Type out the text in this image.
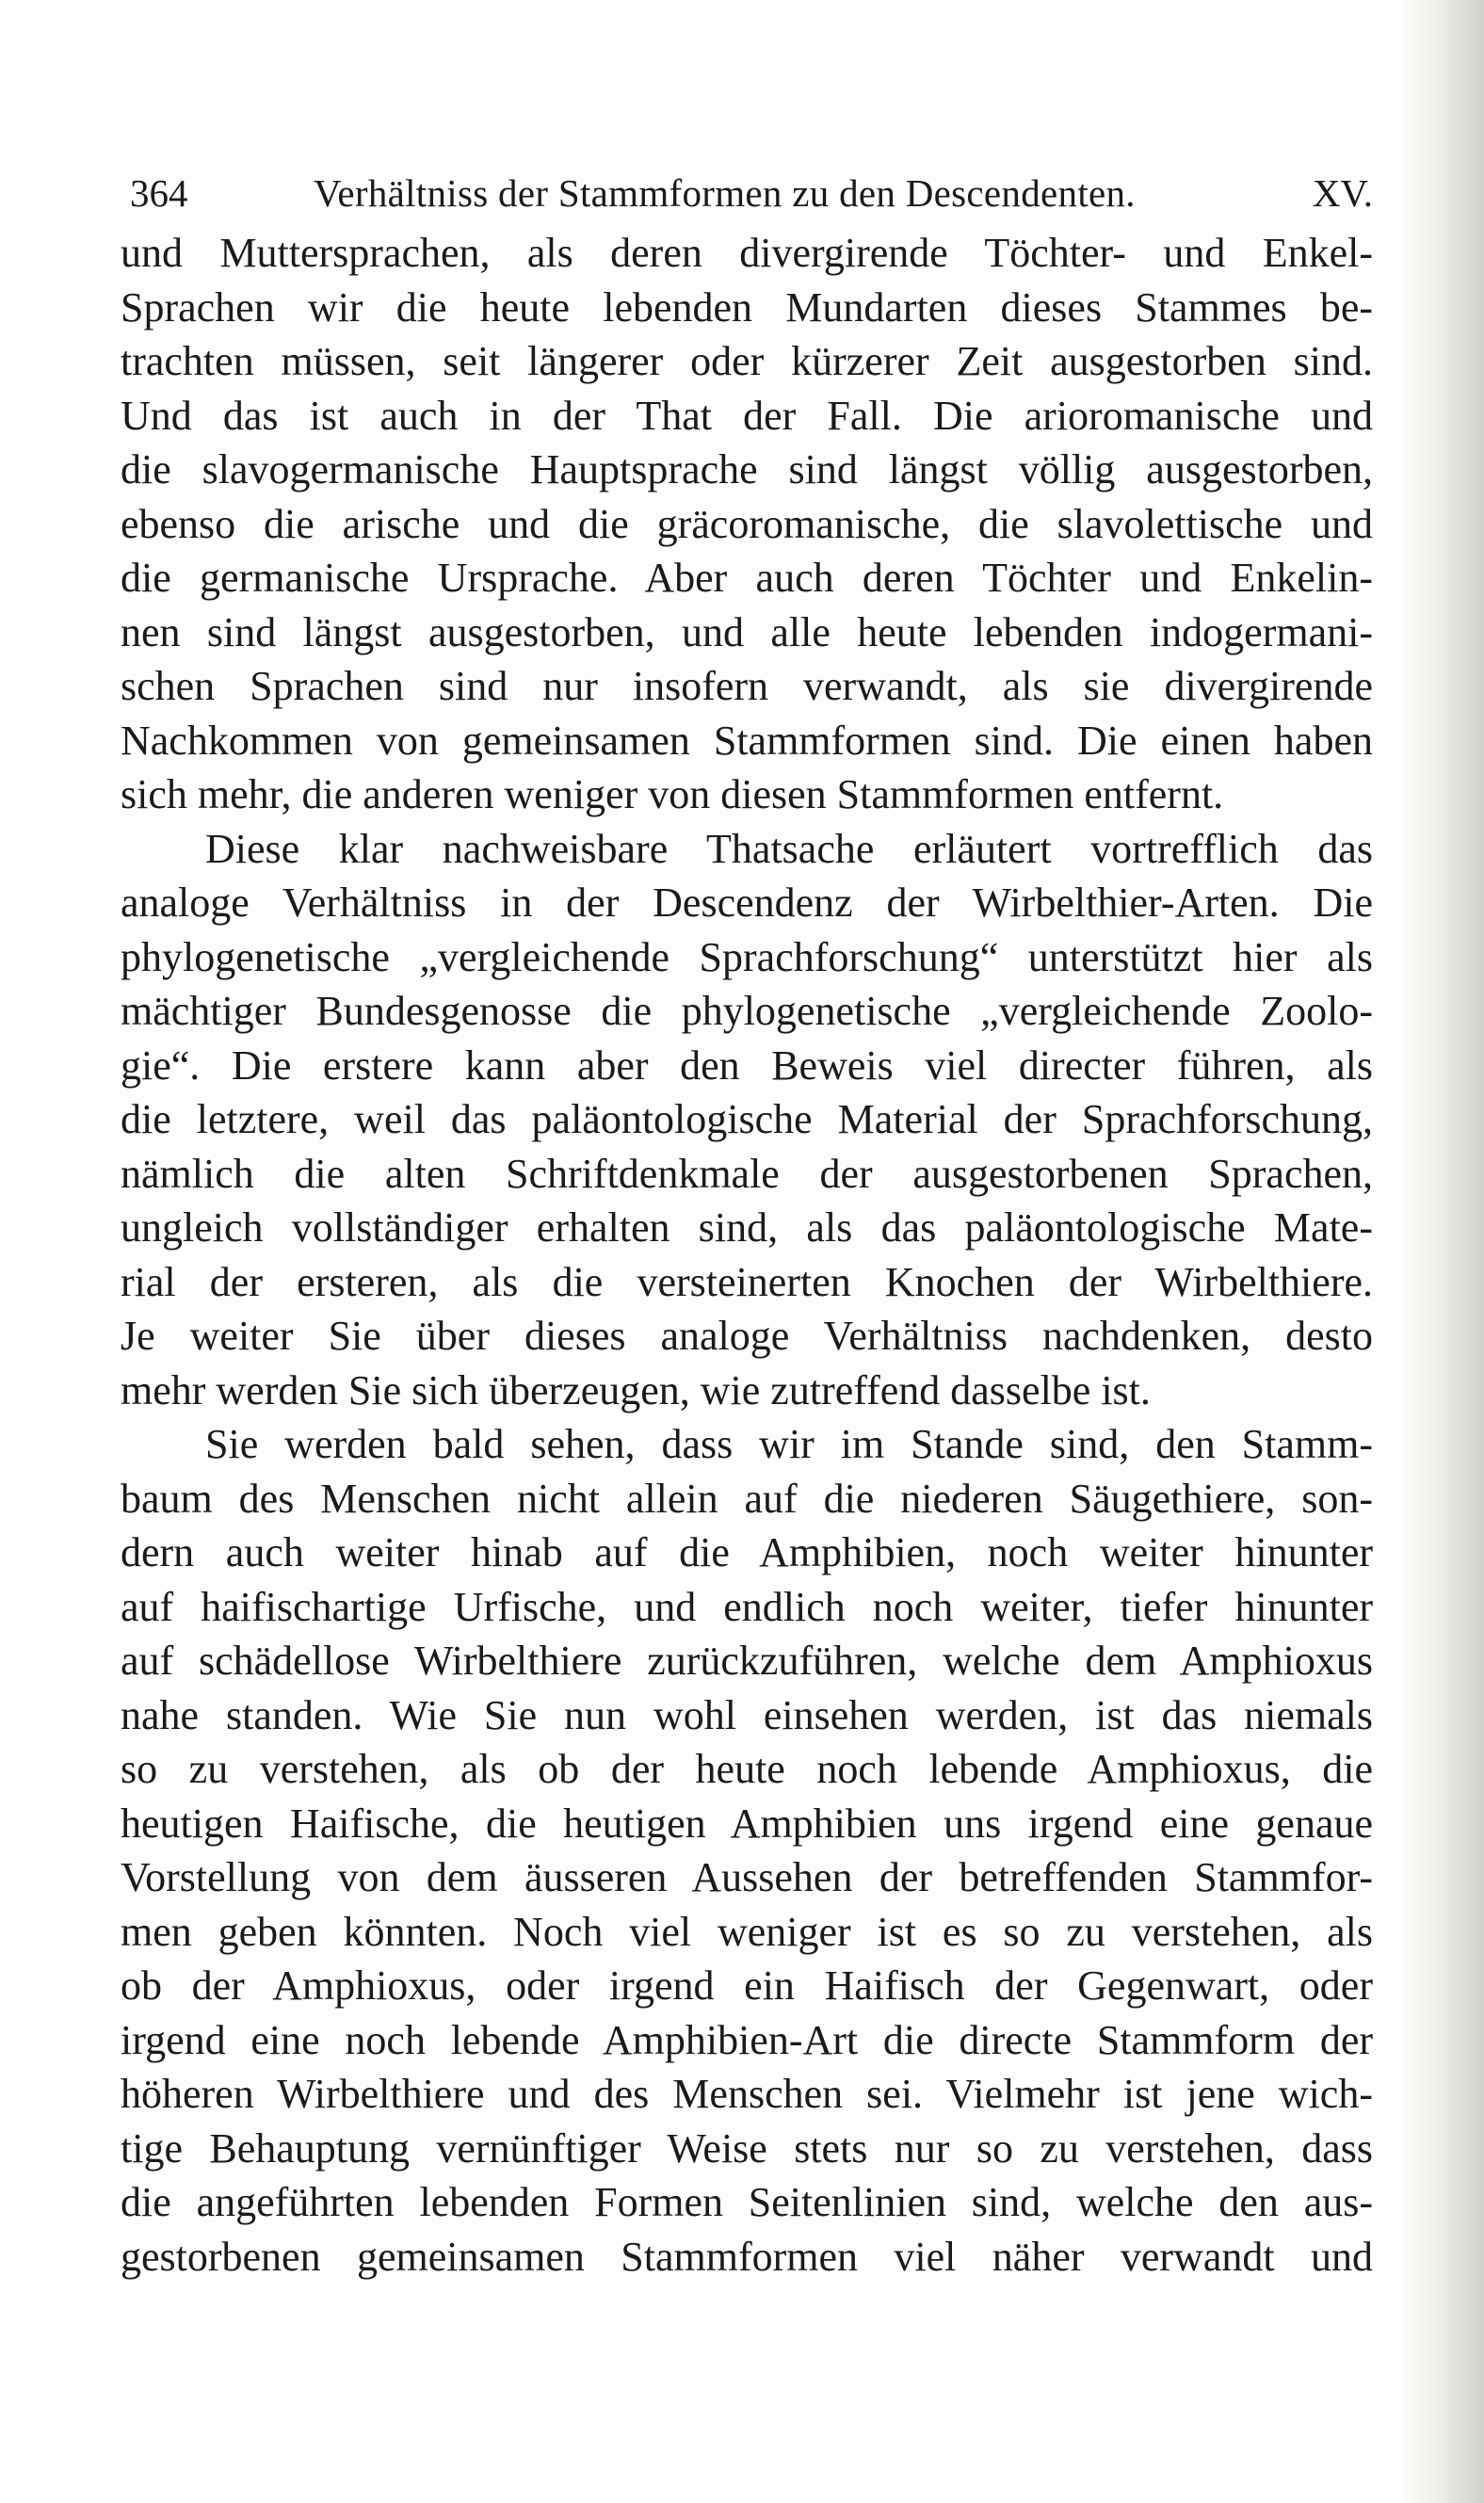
364	Verhältniss der Stammformen zu den Descendenten.	XV.
und Muttersprachen, als deren divergirende Töchter- und Enkel-
Sprachen wir die heute lebenden Mundarten dieses Stammes be-
trachten müssen, seit längerer oder kürzerer Zeit ausgestorben sind.
Und das ist auch in der That der Fall. Die arioromanische und
die slavogermanische Hauptsprache sind längst völlig ausgestorben,
ebenso die arische und die gräcoromanische, die slavolettische und
die germanische Ursprache. Aber auch deren Töchter und Enkelin-
nen sind längst ausgestorben, und alle heute lebenden indogermani-
schen Sprachen sind nur insofern verwandt, als sie divergirende
Nachkommen von gemeinsamen Stammformen sind. Die einen haben
sich mehr, die anderen weniger von diesen Stammformen entfernt.
Diese klar nachweisbare Thatsache erläutert vortrefflich das
analoge Verhältniss in der Descendenz der Wirbelthier-Arten. Die
phylogenetische „vergleichende Sprachforschung“ unterstützt hier als
mächtiger Bundesgenosse die phylogenetische „vergleichende Zoolo-
gie“. Die erstere kann aber den Beweis viel directer führen, als
die letztere, weil das paläontologische Material der Sprachforschung,
nämlich die alten Schriftdenkmale der ausgestorbenen Sprachen,
ungleich vollständiger erhalten sind, als das paläontologische Mate-
rial der ersteren, als die versteinerten Knochen der Wirbelthiere.
Je weiter Sie über dieses analoge Verhältniss nachdenken, desto
mehr werden Sie sich überzeugen, wie zutreffend dasselbe ist.
Sie werden bald sehen, dass wir im Stande sind, den Stamm-
baum des Menschen nicht allein auf die niederen Säugethiere, son-
dern auch weiter hinab auf die Amphibien, noch weiter hinunter
auf haifischartige Urfische, und endlich noch weiter, tiefer hinunter
auf schädellose Wirbelthiere zurückzuführen, welche dem Amphioxus
nahe standen. Wie Sie nun wohl einsehen werden, ist das niemals
so zu verstehen, als ob der heute noch lebende Amphioxus, die
heutigen Haifische, die heutigen Amphibien uns irgend eine genaue
Vorstellung von dem äusseren Aussehen der betreffenden Stammfor-
men geben könnten. Noch viel weniger ist es so zu verstehen, als
ob der Amphioxus, oder irgend ein Haifisch der Gegenwart, oder
irgend eine noch lebende Amphibien-Art die directe Stammform der
höheren Wirbelthiere und des Menschen sei. Vielmehr ist jene wich-
tige Behauptung vernünftiger Weise stets nur so zu verstehen, dass
die angeführten lebenden Formen Seitenlinien sind, welche den aus-
gestorbenen gemeinsamen Stammformen viel näher verwandt und
